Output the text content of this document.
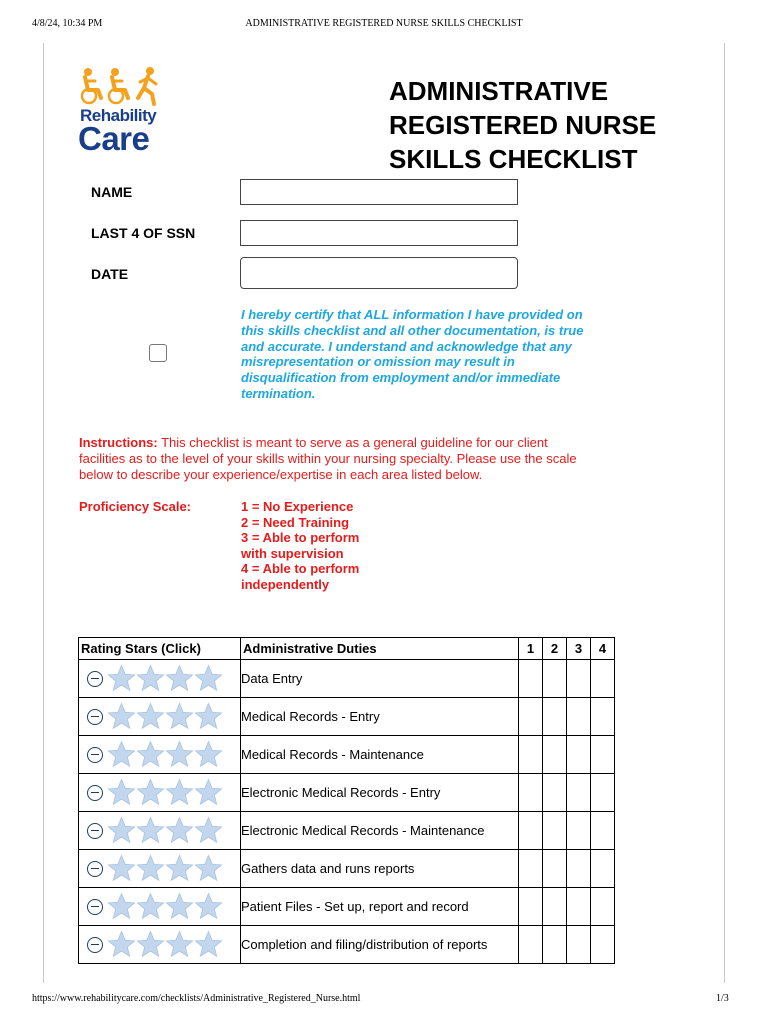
4/8/24, 10:34 PM	ADMINISTRATIVE REGISTERED NURSE SKILLS CHECKLIST
Rehability
Care
ADMINISTRATIVE
REGISTERED NURSE
SKILLS CHECKLIST
NAME
LAST 4 OF SSN
DATE
I hereby certify that ALL information I have provided on
this skills checklist and all other documentation, is true
and accurate. I understand and acknowledge that any
misrepresentation or omission may result in
disqualification from employment and/or immediate
termination.
Instructions: This checklist is meant to serve as a general guideline for our client
facilities as to the level of your skills within your nursing specialty. Please use the scale
below to describe your experience/expertise in each area listed below.
Proficiency Scale:	1 = No Experience
2 = Need Training
3 = Able to perform
with supervision
4 = Able to perform
independently
Rating Stars (Click)	Administrative Duties	1	2	3	4

	Data Entry				

	Medical Records - Entry				

	Medical Records - Maintenance				

	Electronic Medical Records - Entry				

	Electronic Medical Records - Maintenance				

	Gathers data and runs reports				

	Patient Files - Set up, report and record				

	Completion and filing/distribution of reports				
https://www.rehabilitycare.com/checklists/Administrative_Registered_Nurse.html	1/3
